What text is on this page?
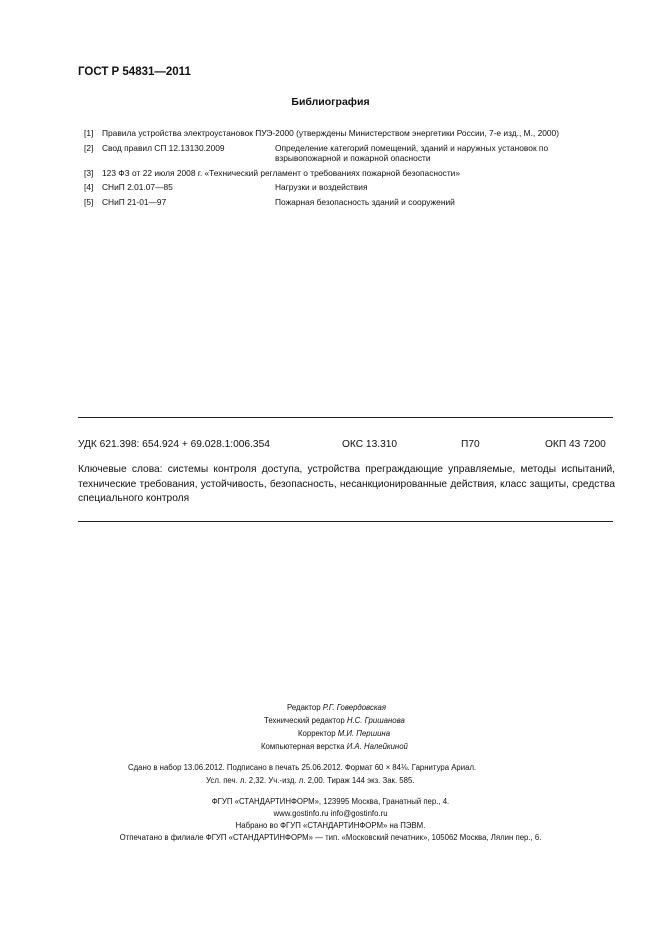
ГОСТ Р 54831—2011
Библиография
[1]	Правила устройства электроустановок ПУЭ-2000 (утверждены Министерством энергетики России, 7-е изд., М., 2000)
[2]	Свод правил СП 12.13130.2009	Определение категорий помещений, зданий и наружных установок по взрывопожарной и пожарной опасности
[3]	123 ФЗ от 22 июля 2008 г. «Технический регламент о требованиях пожарной безопасности»
[4]	СНиП 2.01.07—85	Нагрузки и воздействия
[5]	СНиП 21-01—97	Пожарная безопасность зданий и сооружений
УДК 621.398: 654.924 + 69.028.1:006.354	ОКС 13.310	П70	ОКП 43 7200
Ключевые слова: системы контроля доступа, устройства преграждающие управляемые, методы испытаний, технические требования, устойчивость, безопасность, несанкционированные действия, класс защиты, средства специального контроля
Редактор Р.Г. Говердовская
Технический редактор Н.С. Гришанова
Корректор М.И. Першина
Компьютерная верстка И.А. Налейкиной
Сдано в набор 13.06.2012. Подписано в печать 25.06.2012. Формат 60 × 84⅛. Гарнитура Ариал.
Усл. печ. л. 2,32. Уч.-изд. л. 2,00. Тираж 144 экз. Зак. 585.
ФГУП «СТАНДАРТИНФОРМ», 123995 Москва, Гранатный пер., 4.
www.gostinfo.ru info@gostinfo.ru
Набрано во ФГУП «СТАНДАРТИНФОРМ» на ПЭВМ.
Отпечатано в филиале ФГУП «СТАНДАРТИНФОРМ» — тип. «Московский печатник», 105062 Москва, Лялин пер., 6.
